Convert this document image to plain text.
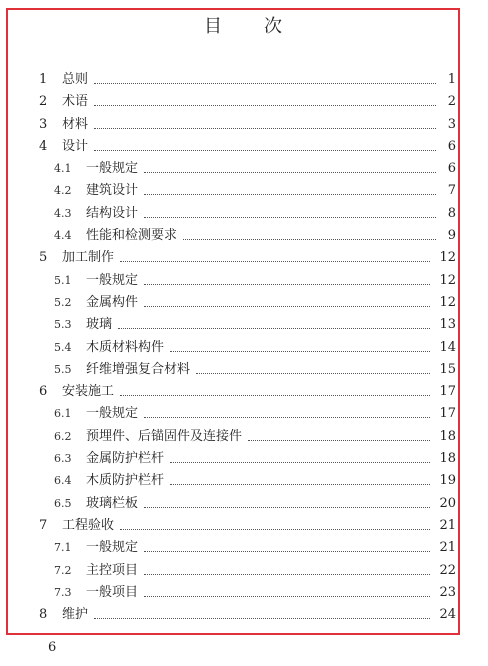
目 次
1 总则	1
2 术语	2
3 材料	3
4 设计	6
4.1 一般规定	6
4.2 建筑设计	7
4.3 结构设计	8
4.4 性能和检测要求	9
5 加工制作	12
5.1 一般规定	12
5.2 金属构件	12
5.3 玻璃	13
5.4 木质材料构件	14
5.5 纤维增强复合材料	15
6 安装施工	17
6.1 一般规定	17
6.2 预埋件、后锚固件及连接件	18
6.3 金属防护栏杆	18
6.4 木质防护栏杆	19
6.5 玻璃栏板	20
7 工程验收	21
7.1 一般规定	21
7.2 主控项目	22
7.3 一般项目	23
8 维护	24
6
